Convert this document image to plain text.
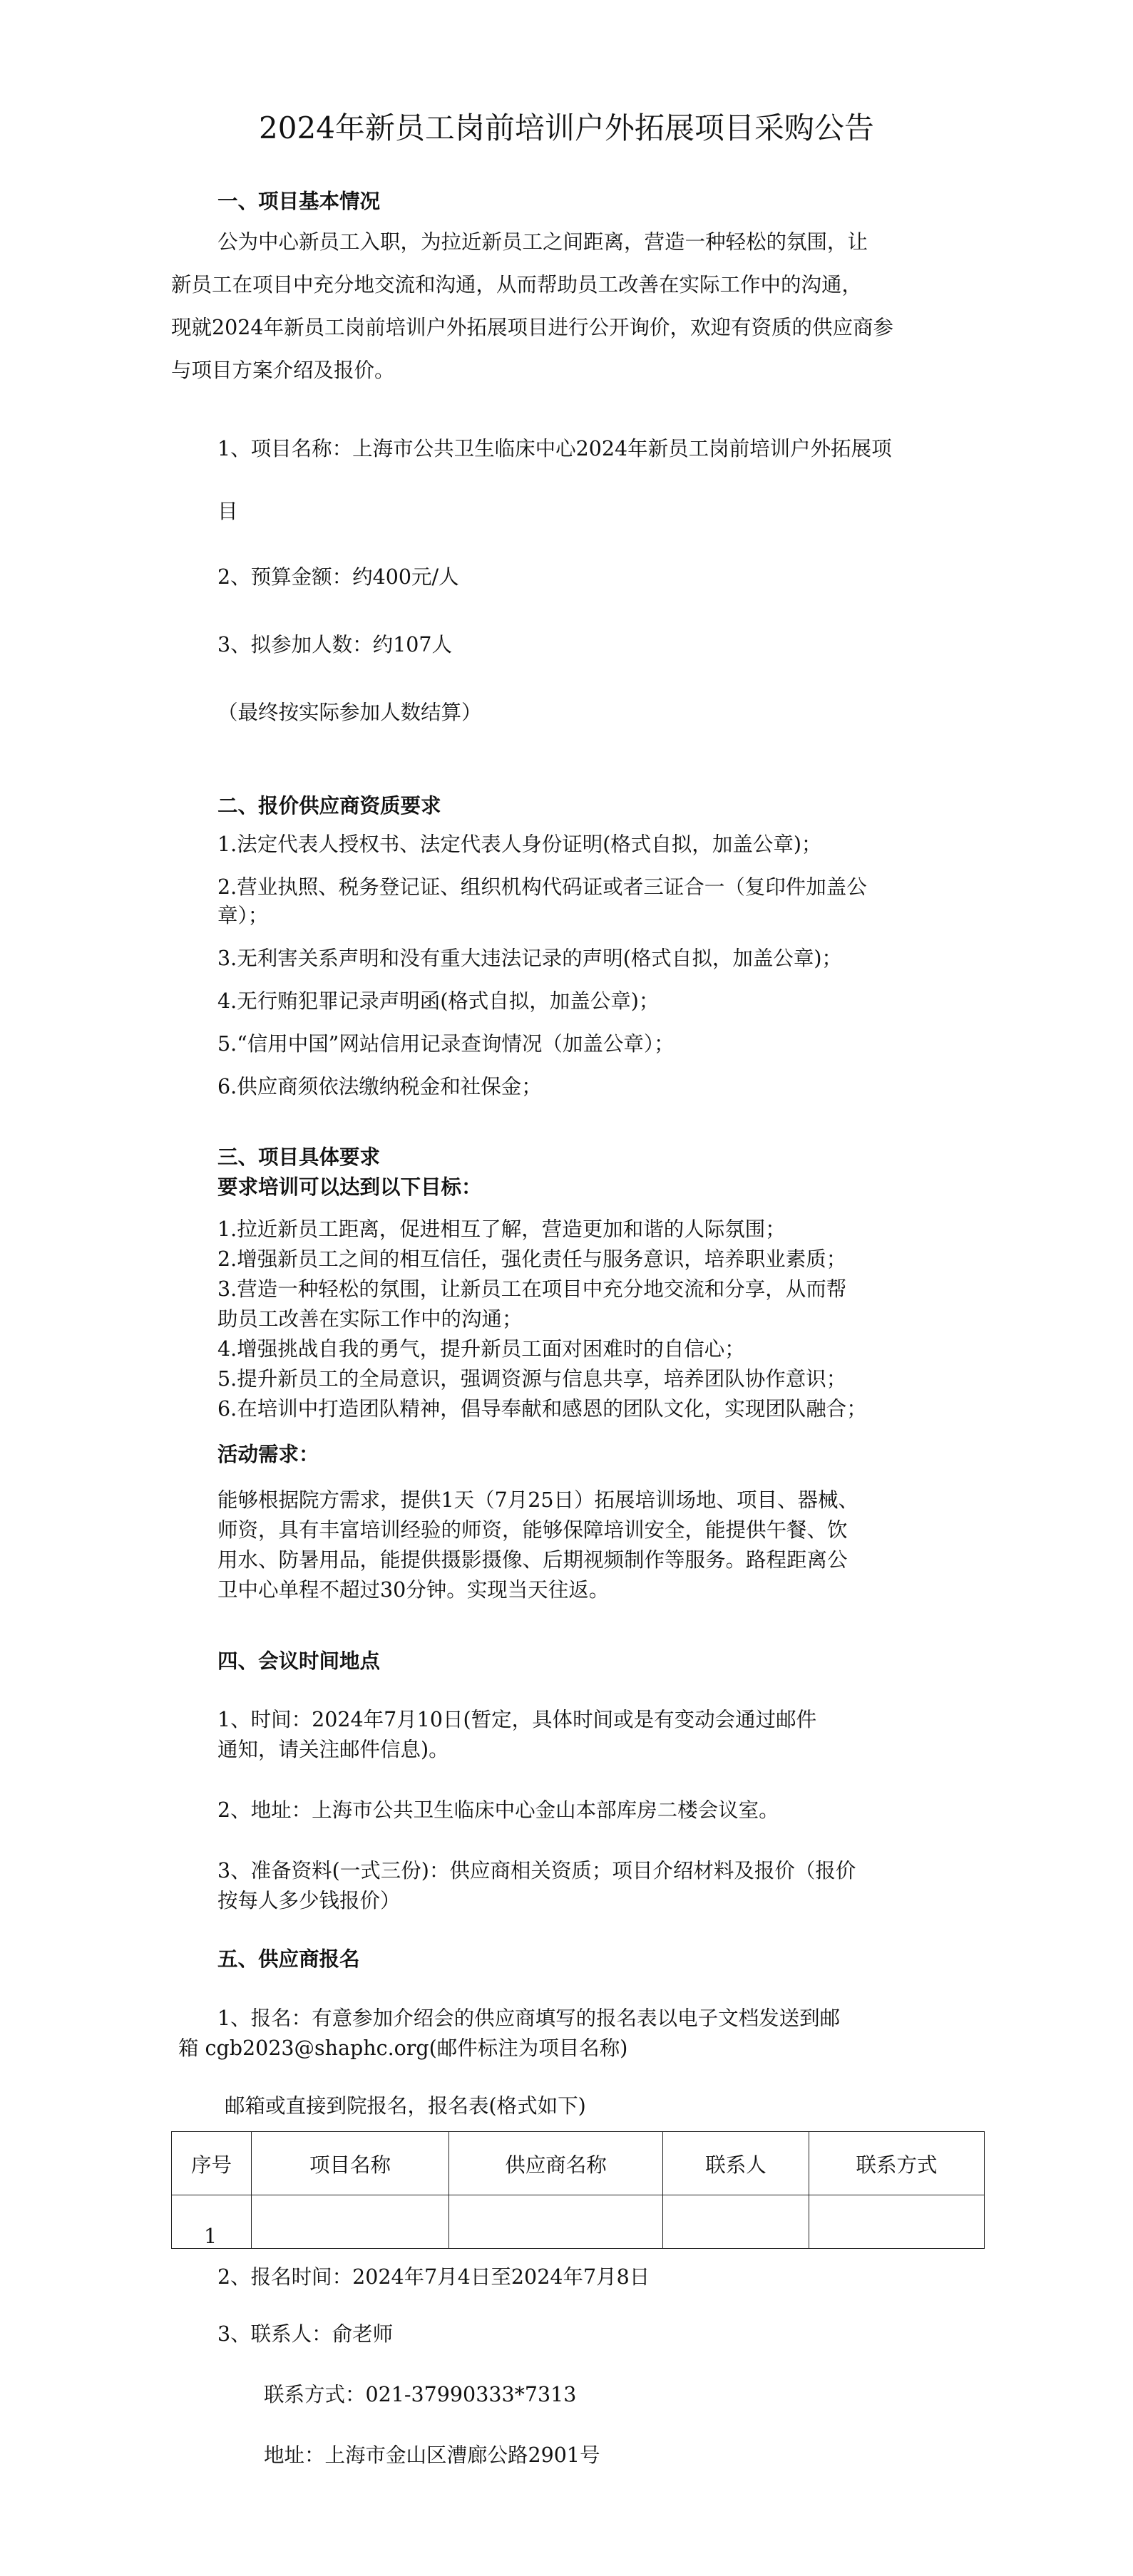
2024年新员工岗前培训户外拓展项目采购公告
一、项目基本情况
公为中心新员工入职，为拉近新员工之间距离，营造一种轻松的氛围，让
新员工在项目中充分地交流和沟通，从而帮助员工改善在实际工作中的沟通，
现就2024年新员工岗前培训户外拓展项目进行公开询价，欢迎有资质的供应商参
与项目方案介绍及报价。
1、项目名称：上海市公共卫生临床中心2024年新员工岗前培训户外拓展项
目
2、预算金额：约400元/人
3、拟参加人数：约107人
（最终按实际参加人数结算）
二、报价供应商资质要求
1.法定代表人授权书、法定代表人身份证明(格式自拟，加盖公章)；
2.营业执照、税务登记证、组织机构代码证或者三证合一（复印件加盖公
章）；
3.无利害关系声明和没有重大违法记录的声明(格式自拟，加盖公章)；
4.无行贿犯罪记录声明函(格式自拟，加盖公章)；
5.“信用中国”网站信用记录查询情况（加盖公章）；
6.供应商须依法缴纳税金和社保金；
三、项目具体要求
要求培训可以达到以下目标：
1.拉近新员工距离，促进相互了解，营造更加和谐的人际氛围；
2.增强新员工之间的相互信任，强化责任与服务意识，培养职业素质；
3.营造一种轻松的氛围，让新员工在项目中充分地交流和分享，从而帮
助员工改善在实际工作中的沟通；
4.增强挑战自我的勇气，提升新员工面对困难时的自信心；
5.提升新员工的全局意识，强调资源与信息共享，培养团队协作意识；
6.在培训中打造团队精神，倡导奉献和感恩的团队文化，实现团队融合；
活动需求：
能够根据院方需求，提供1天（7月25日）拓展培训场地、项目、器械、
师资，具有丰富培训经验的师资，能够保障培训安全，能提供午餐、饮
用水、防暑用品，能提供摄影摄像、后期视频制作等服务。路程距离公
卫中心单程不超过30分钟。实现当天往返。
四、会议时间地点
1、时间：2024年7月10日(暂定，具体时间或是有变动会通过邮件
通知，请关注邮件信息)。
2、地址：上海市公共卫生临床中心金山本部库房二楼会议室。
3、准备资料(一式三份)：供应商相关资质；项目介绍材料及报价（报价
按每人多少钱报价）
五、供应商报名
1、报名：有意参加介绍会的供应商填写的报名表以电子文档发送到邮
箱 cgb2023@shaphc.org(邮件标注为项目名称)
邮箱或直接到院报名，报名表(格式如下)
序号	项目名称	供应商名称	联系人	联系方式
1				
2、报名时间：2024年7月4日至2024年7月8日
3、联系人：俞老师
联系方式：021-37990333*7313
地址：上海市金山区漕廊公路2901号
